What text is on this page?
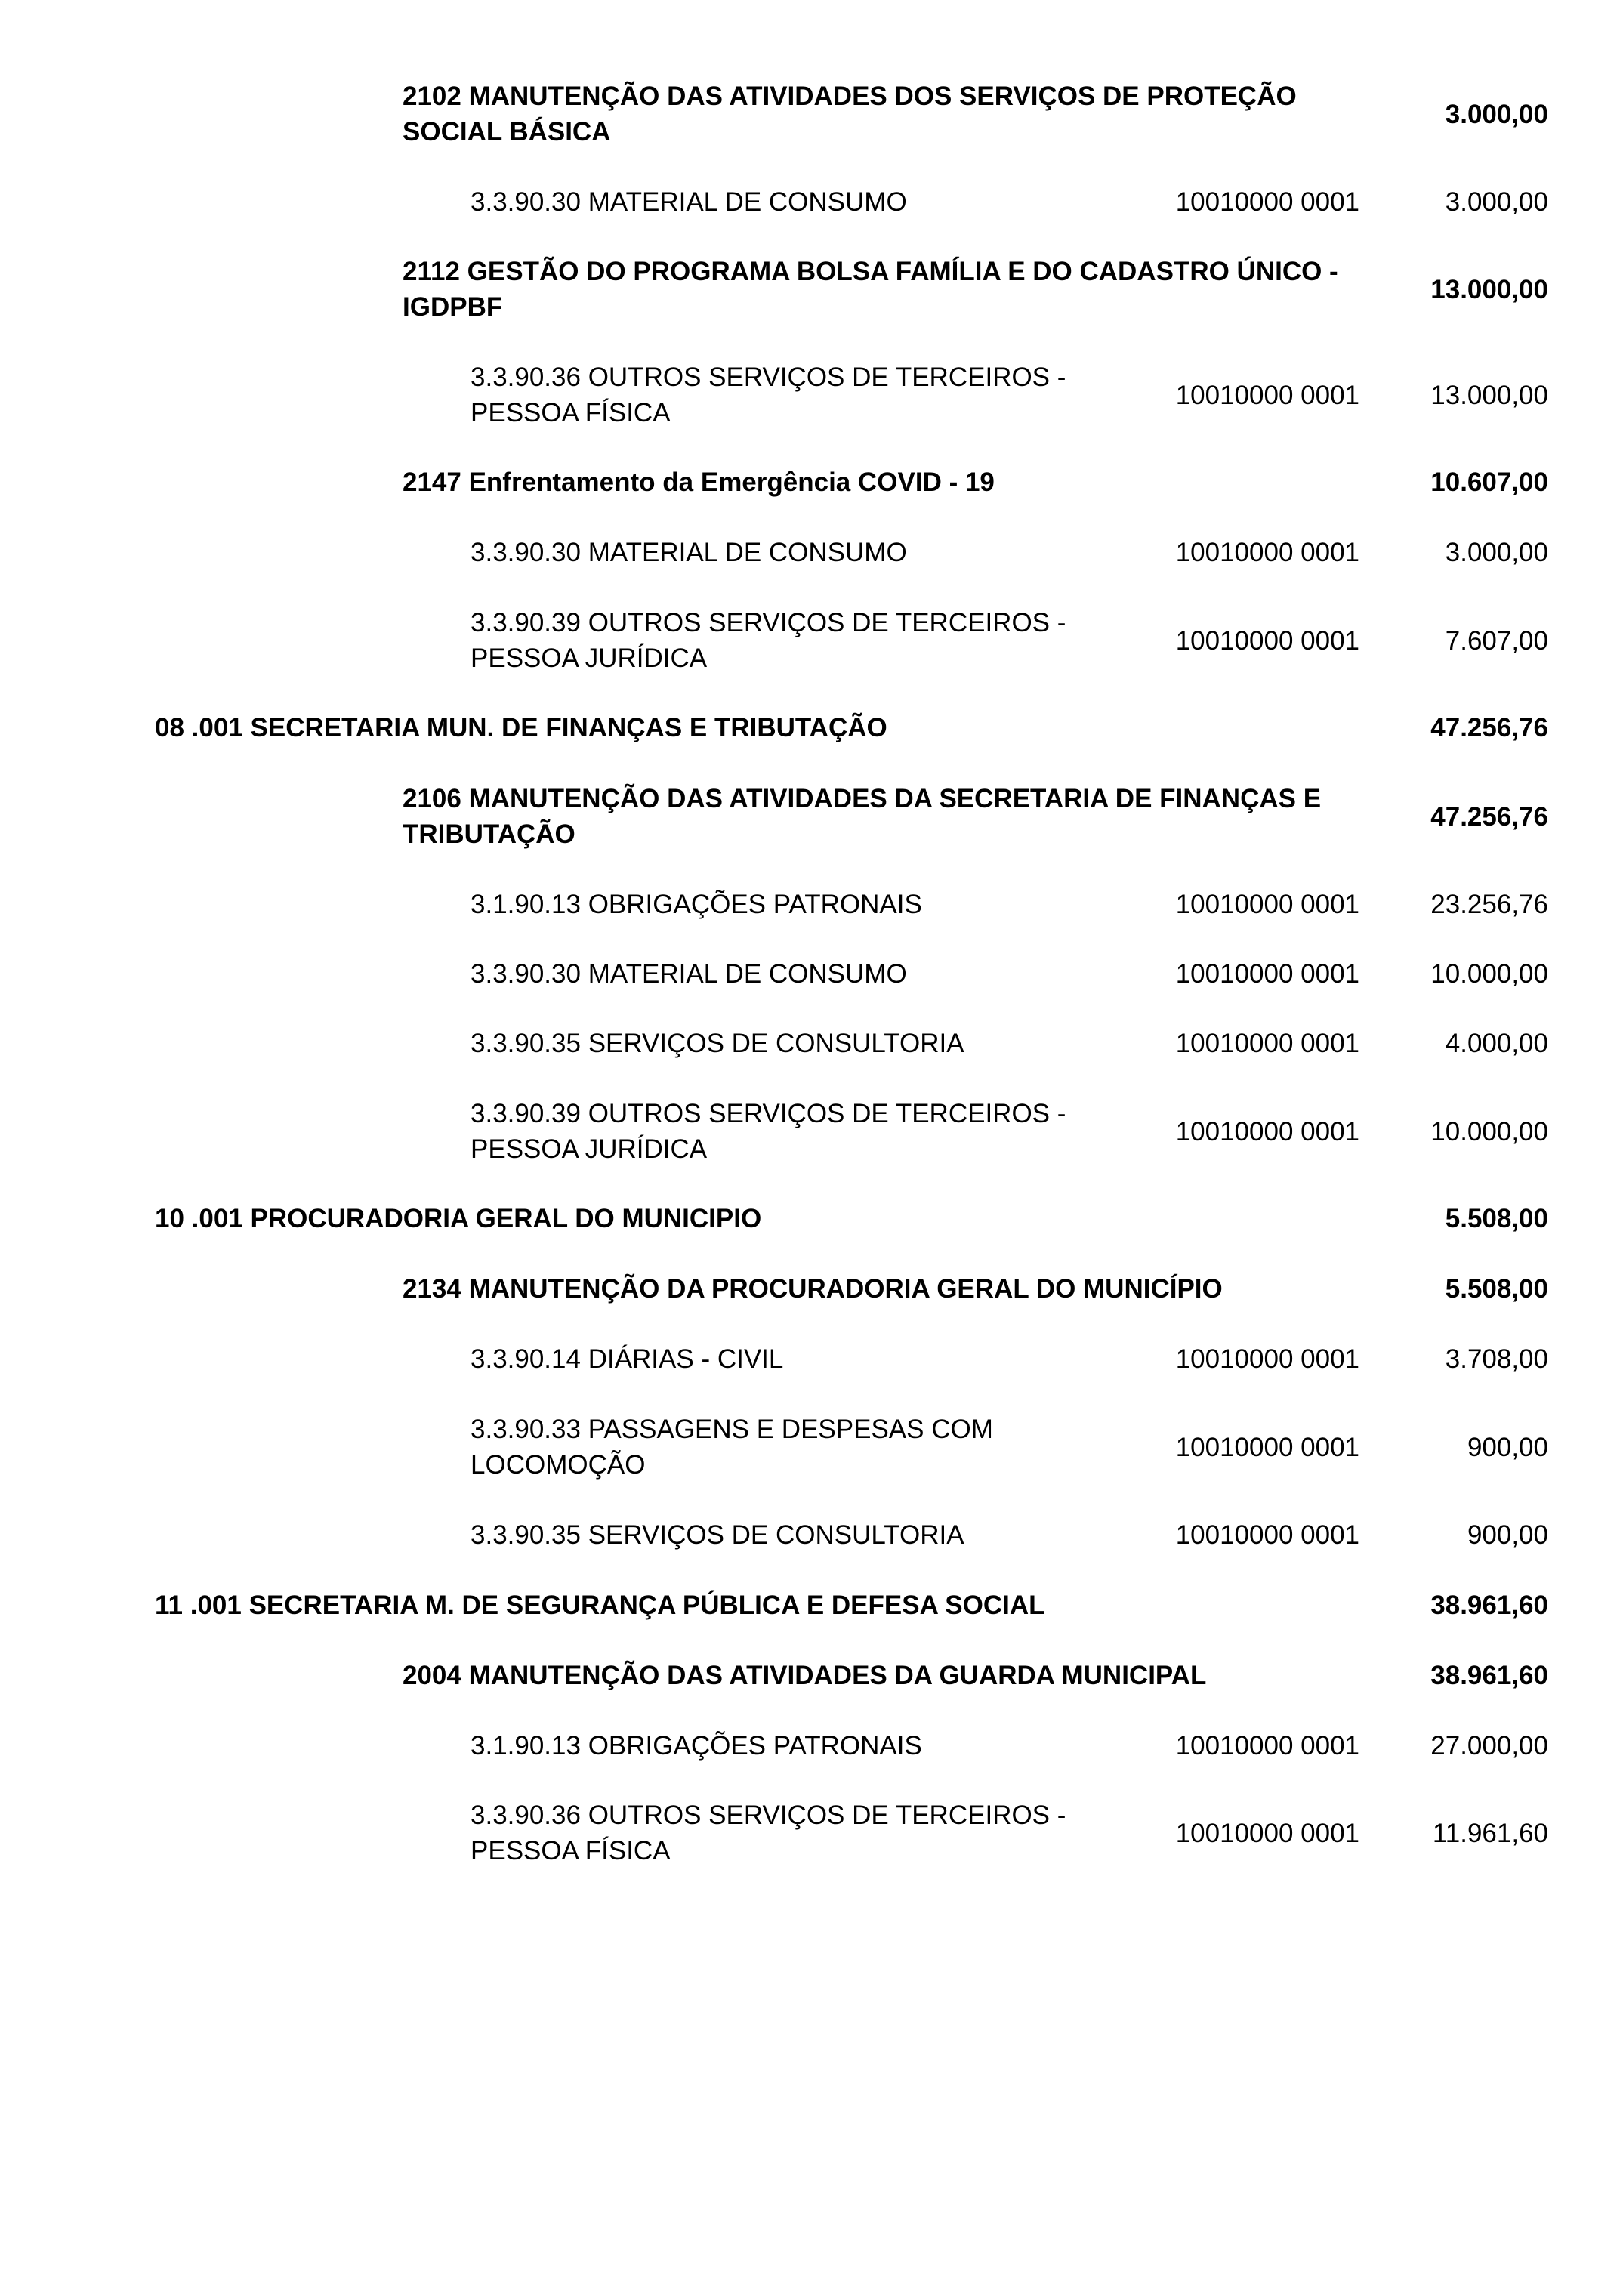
2102 MANUTENÇÃO DAS ATIVIDADES DOS SERVIÇOS DE PROTEÇÃO
SOCIAL BÁSICA
3.000,00
3.3.90.30 MATERIAL DE CONSUMO	10010000 0001	3.000,00
2112 GESTÃO DO PROGRAMA BOLSA FAMÍLIA E DO CADASTRO ÚNICO -
IGDPBF
13.000,00
3.3.90.36 OUTROS SERVIÇOS DE TERCEIROS -
PESSOA FÍSICA
10010000 0001	13.000,00
2147 Enfrentamento da Emergência COVID - 19	10.607,00
3.3.90.30 MATERIAL DE CONSUMO	10010000 0001	3.000,00
3.3.90.39 OUTROS SERVIÇOS DE TERCEIROS -
PESSOA JURÍDICA
10010000 0001	7.607,00
08 .001 SECRETARIA MUN. DE FINANÇAS E TRIBUTAÇÃO	47.256,76
2106 MANUTENÇÃO DAS ATIVIDADES DA SECRETARIA DE FINANÇAS E
TRIBUTAÇÃO
47.256,76
3.1.90.13 OBRIGAÇÕES PATRONAIS	10010000 0001	23.256,76
3.3.90.30 MATERIAL DE CONSUMO	10010000 0001	10.000,00
3.3.90.35 SERVIÇOS DE CONSULTORIA	10010000 0001	4.000,00
3.3.90.39 OUTROS SERVIÇOS DE TERCEIROS -
PESSOA JURÍDICA
10010000 0001	10.000,00
10 .001 PROCURADORIA GERAL DO MUNICIPIO	5.508,00
2134 MANUTENÇÃO DA PROCURADORIA GERAL DO MUNICÍPIO	5.508,00
3.3.90.14 DIÁRIAS - CIVIL	10010000 0001	3.708,00
3.3.90.33 PASSAGENS E DESPESAS COM
LOCOMOÇÃO
10010000 0001	900,00
3.3.90.35 SERVIÇOS DE CONSULTORIA	10010000 0001	900,00
11 .001 SECRETARIA M. DE SEGURANÇA PÚBLICA E DEFESA SOCIAL	38.961,60
2004 MANUTENÇÃO DAS ATIVIDADES DA GUARDA MUNICIPAL	38.961,60
3.1.90.13 OBRIGAÇÕES PATRONAIS	10010000 0001	27.000,00
3.3.90.36 OUTROS SERVIÇOS DE TERCEIROS -
PESSOA FÍSICA
10010000 0001	11.961,60
